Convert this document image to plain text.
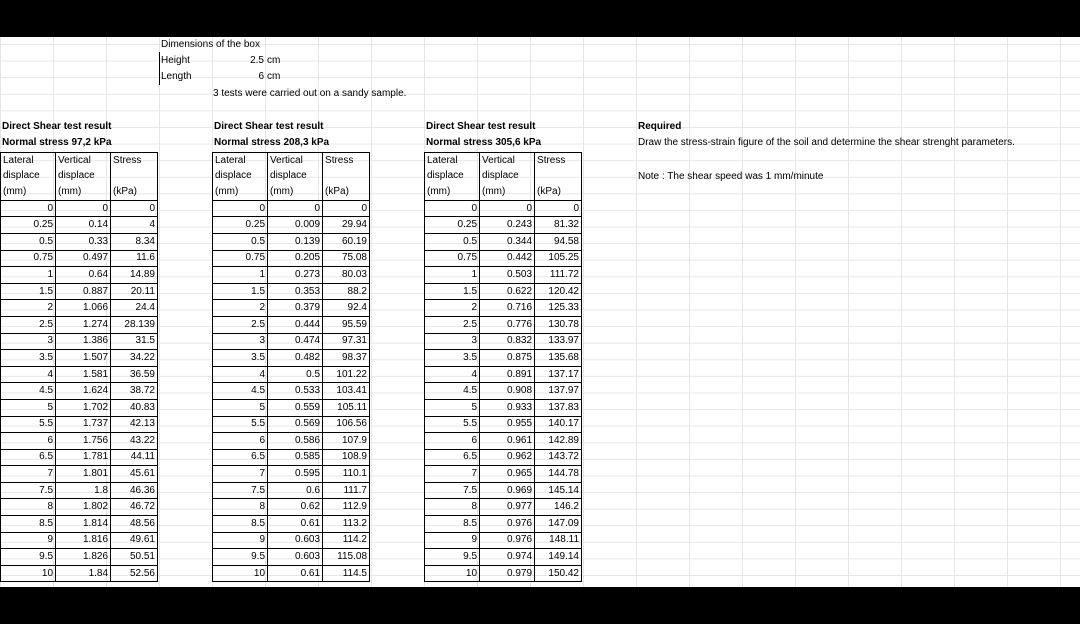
Dimensions of the box
Height	2.5 cm
Length	6 cm
3 tests were carried out on a sandy sample.
Required
Draw the stress-strain figure of the soil and determine the shear strenght parameters.
Note : The shear speed was 1 mm/minute
Direct Shear test result
Normal stress 97,2 kPa
Lateral	Vertical	Stress
displace	displace	
(mm)	(mm)	(kPa)
0	0	0
0.25	0.14	4
0.5	0.33	8.34
0.75	0.497	11.6
1	0.64	14.89
1.5	0.887	20.11
2	1.066	24.4
2.5	1.274	28.139
3	1.386	31.5
3.5	1.507	34.22
4	1.581	36.59
4.5	1.624	38.72
5	1.702	40.83
5.5	1.737	42.13
6	1.756	43.22
6.5	1.781	44.11
7	1.801	45.61
7.5	1.8	46.36
8	1.802	46.72
8.5	1.814	48.56
9	1.816	49.61
9.5	1.826	50.51
10	1.84	52.56
Direct Shear test result
Normal stress 208,3 kPa
Lateral	Vertical	Stress
displace	displace	
(mm)	(mm)	(kPa)
0	0	0
0.25	0.009	29.94
0.5	0.139	60.19
0.75	0.205	75.08
1	0.273	80.03
1.5	0.353	88.2
2	0.379	92.4
2.5	0.444	95.59
3	0.474	97.31
3.5	0.482	98.37
4	0.5	101.22
4.5	0.533	103.41
5	0.559	105.11
5.5	0.569	106.56
6	0.586	107.9
6.5	0.585	108.9
7	0.595	110.1
7.5	0.6	111.7
8	0.62	112.9
8.5	0.61	113.2
9	0.603	114.2
9.5	0.603	115.08
10	0.61	114.5
Direct Shear test result
Normal stress 305,6 kPa
Lateral	Vertical	Stress
displace	displace	
(mm)	(mm)	(kPa)
0	0	0
0.25	0.243	81.32
0.5	0.344	94.58
0.75	0.442	105.25
1	0.503	111.72
1.5	0.622	120.42
2	0.716	125.33
2.5	0.776	130.78
3	0.832	133.97
3.5	0.875	135.68
4	0.891	137.17
4.5	0.908	137.97
5	0.933	137.83
5.5	0.955	140.17
6	0.961	142.89
6.5	0.962	143.72
7	0.965	144.78
7.5	0.969	145.14
8	0.977	146.2
8.5	0.976	147.09
9	0.976	148.11
9.5	0.974	149.14
10	0.979	150.42
